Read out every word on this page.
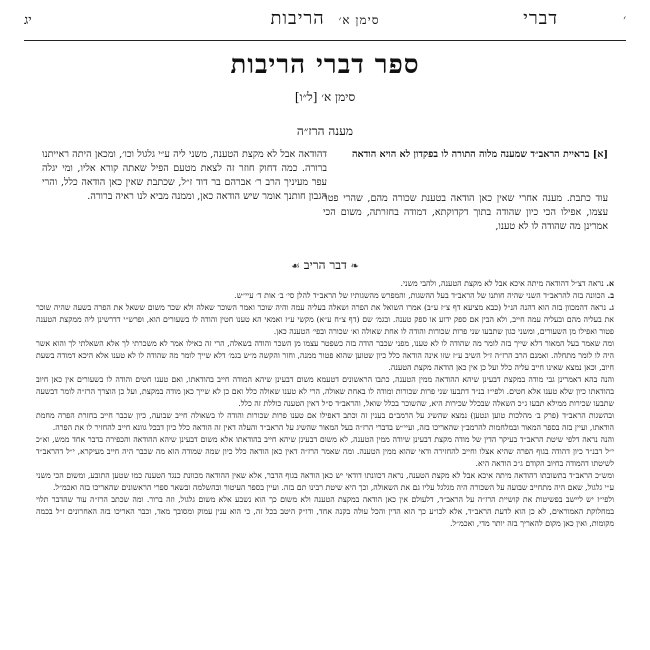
׳
דברי
סימן א׳הריבות
יג
ספר דברי הריבות
סימן א׳ [ל״ו]
מענה הרז״ה

[א] בראיית הראב״ד שמענה מלוה התורה לו בפקדון לא הויא הודאה

עוד כתבת. מענה אחרי שאין כאן הודאה בטענת שכורה מהם, שהרי פטר עצמו, אפילו הכי כיון שהודה בתוך דקדוקתא, דמודה בחזרתה, משום הכי אמרינן מה שהודה לו לא טענו,

דהודאה אבל לא מקצת הטענה, משני ליה ע״י גלגול וכו׳, ומכאן היתה ראייתנו ברורה. כמה דחוק חוזר זה לצאת מטעם הפיל שאתה קורא אליו, ומי יגלה עפר מעיניך הרב ר׳ אברהם בר דוד ז״ל, שכתבת שאין כאן הודאה כלל, והרי הגבון חותנך אומר שיש הודאה כאן, וממנה מביא לנו ראיה ברורה.

❧ דבר הריב ☙

א. נראה דצ״ל דהודאה מיתה איכא אבל לא מקצת הטענה, ולהבי משני.

ב. הכוונה בזה להראב״ד השני שהיה חותנו של הראב״ד בעל ההשגות, והמפרש מהשגותיו של הראב״ד להלן סי׳ ב׳ אות ד׳ עיי״ש.

ג. נראה דהמכוון בזה הוא דהנה הנ״ל (כבא מציעא דף צ״ז ע״ב) אמרו השואל את הפרה ושאלה בעליה עמה והיה שוכר ואמר השוכר שאלה ולא שכר משום ששאל את הפרה בשעה שהיה שוכר את בעליה מהם ובעליה עמה חייב, ולא הבין אם ספק ידוע או ספק טענה. ובגמ׳ שם (דף צ״ח ע״א) מקשי ע״ז ואמאי הא טענו חטין והודה לו בשעורים הוא, ופרש״י דדרשינן ליה ממקצת הטענה פטור ואפילו מן השעורים, ומשני כגון שתבעו שני פרות שכורות והודה לו אחת שאולה וא׳ שכורה ובפי׳ הטענה כאן.

ומה שאמר בעל המאור דלא שייך בזה לומר מה שהודה לו לא טענו, מפני שכבר הודה בזה כשפטר עצמו מן השכר והודה בשאלה, הרי זה כאילו אמר לא משכרתי לך אלא השאלתי לך והוא אשר היה לו לומר מתחלה. ואמנם הרב הרז״ה ז״ל השיב ע״ז שזו אינה הודאה כלל כיון שטוען שהוא פטור ממנה, וחזר והקשה מ״ש בגמ׳ דלא שייך לומר מה שהודה לו לא טענו אלא היכא דמודה בשעת חיוב, וכאן נמצא שאינו חייב עליה כלל ועל כן אין כאן הודאה מקצת הטענה.

והנה בהא דאמרינן גבי מודה במקצת דבעינן שיהא ההודאה ממין הטענה, כתבו הראשונים דטעמא משום דבעינן שיהא המודה חייב בהודאתו, ואם טענו חטים והודה לו בשעורים אין כאן חיוב בהודאתו כיון שלא טענו אלא חטים. ולפי״ז בנ״ד דתבעו שני פרות שכורות ומודה לו באחת שאולה, הרי לא טענו שאולה כלל ואם כן לא שייך כאן מודה במקצת, ועל כן הוצרך הרז״ה לומר דבשעה שתבעו שכירות ממילא תבעו ג״כ השאלה שבכלל שכירות היא, שהשוכר בכלל שואל, והראב״ד ס״ל דאין הטענה כוללת זה כלל.

ובהשגות הראב״ד (פרק ב׳ מהלכות טוען ונטען) נמצא שהשיג על הרמב״ם בענין זה וכתב דאפילו אם טענו פרות שכורות והודה לו בשאולה חייב שבועה, כיון שכבר חייב בחזרת הפרה מחמת הודאתו, ועיין בזה בספר המאור ובמלחמות להרמב״ן שהאריכו בזה, ועיי״ש בדברי הרז״ה בעל המאור שהשיג על הראב״ד והעלה דאין זה הודאה כלל כיון דבכל גוונא חייב להחזיר לו את הפרה.

והנה נראה דלפי שיטת הראב״ד בעיקר הדין של מודה מקצת דבעינן שיודה ממין הטענה, לא משום דבעינן שיהא חייב בהודאתו אלא משום דבעינן שיהא ההודאה והכפירה בדבר אחד ממש, וא״כ י״ל דבנ״ד כיון דהודה בגוף הפרה שהיא אצלו וחייב להחזירה ודאי שהוא ממין הטענה. ומה שאמר הרז״ה דאין כאן הודאה כלל כיון שמה שמודה הוא מה שכבר היה חייב מעיקרא, י״ל דהראב״ד לשיטתו דהמודה בחיוב הקודם ג״כ הודאה היא.

ומש״כ הראב״ד בתשובתו דהודאה מיתה איכא אבל לא מקצת הטענה, נראה דכוונתו דודאי יש כאן הודאה בגוף הדבר, אלא שאין ההודאה מכוונת כנגד הטענה כמו שטען התובע, ומשום הכי משני ע״י גלגול, שאם היה מתחייב שבועה על השכורה היה מגלגל עליו גם את השאולה, וכך היא שיטת רבינו תם בזה. ועיין בספר העיטור ובהשלמה ובשאר ספרי הראשונים שהאריכו בזה ואכמ״ל.

ולפי״ז יש ליישב בפשיטות את קושיית הרז״ה על הראב״ד, דלעולם אין כאן הודאה במקצת הטענה ולא משום כך הוא נשבע אלא משום גלגול, וזה ברור. ומה שכתב הרז״ה עוד שהדבר תלוי במחלוקת האמוראים, לא כן הוא לדעת הראב״ד, אלא לכו״ע כך הוא הדין והכל עולה בקנה אחד, ודו״ק היטב בכל זה, כי הוא ענין עמוק ומסובך מאד, וכבר האריכו בזה האחרונים ז״ל בכמה מקומות, ואין כאן מקום להאריך בזה יותר מדי, ואכמ״ל.
